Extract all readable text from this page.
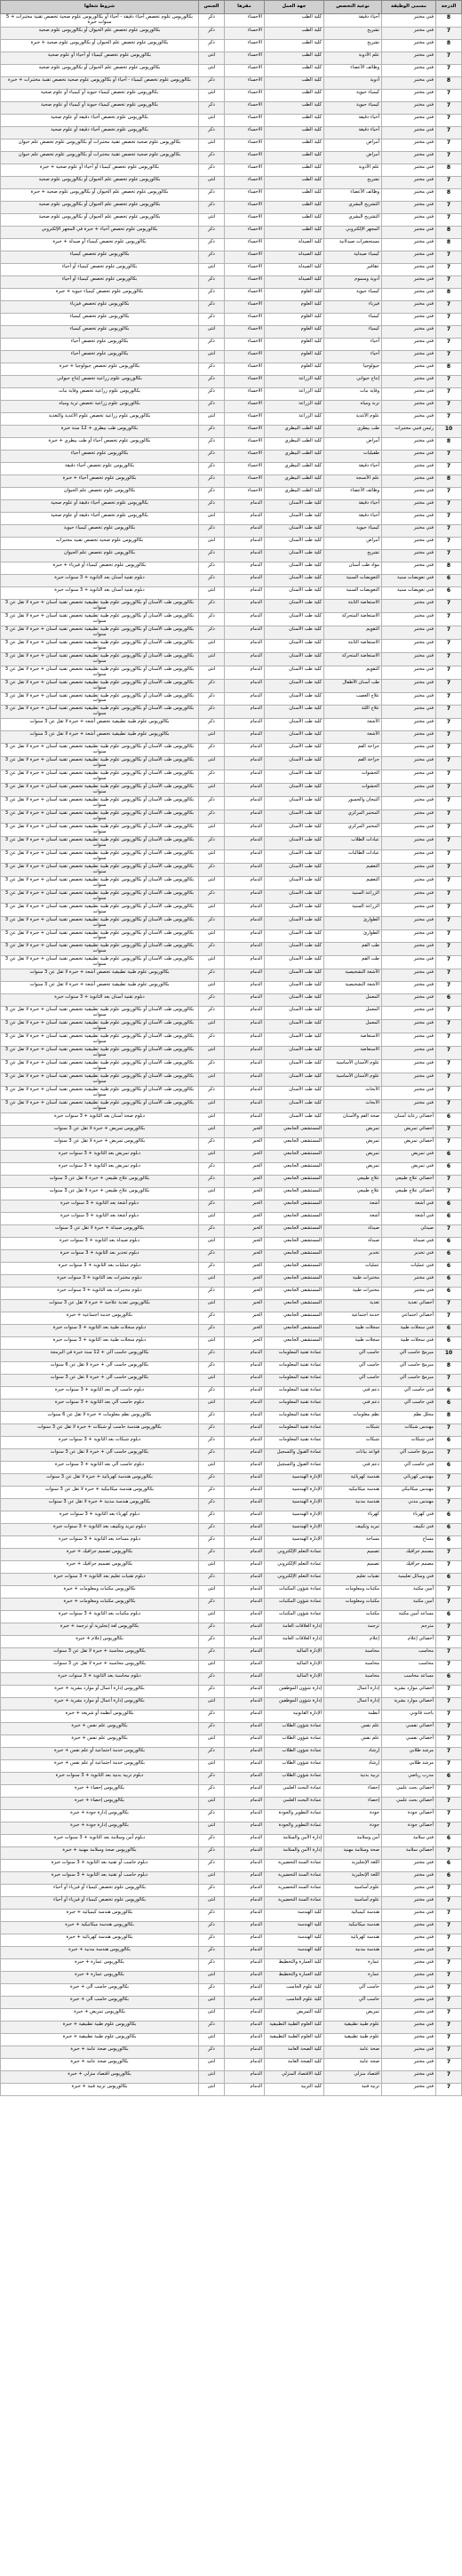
الدرجة	مسمى الوظيفة	نوعية التخصص	جهة العمل	مقرها	الجنس	شروط شغلها
8	فني مختبر	أحياء دقيقة	كلية الطب	الاحساء	ذكر	بكالوريوس علوم تخصص أحياء دقيقة - أحياء أو بكالوريوس علوم صحية تخصص تقنية مختبرات + 5 سنوات خبرة
7	فني مختبر	تشريح	كلية الطب	الاحساء	ذكر	بكالوريوس علوم تخصص علم الحيوان أو بكالوريوس علوم صحية
8	فني مختبر	تشريح	كلية الطب	الاحساء	ذكر	بكالوريوس علوم تخصص علم الحيوان أو بكالوريوس علوم صحية + خبرة
7	فني مختبر	علم الأدوية	كلية الطب	الاحساء	انثى	بكالوريوس علوم تخصص كيمياء أو أحياء أو علوم صحية
7	فني مختبر	وظائف الأعضاء	كلية الطب	الاحساء	انثى	بكالوريوس علوم تخصص علم الحيوان أو بكالوريوس علوم صحية
8	فني مختبر	أدوية	كلية الطب	الاحساء	ذكر	بكالوريوس علوم تخصص كيمياء - أحياء أو بكالوريوس علوم صحية تخصص تقنية مختبرات + خبرة
7	فني مختبر	كيمياء حيوية	كلية الطب	الاحساء	انثى	بكالوريوس علوم تخصص كيمياء حيوية أو كيمياء أو علوم صحية
7	فني مختبر	كيمياء حيوية	كلية الطب	الاحساء	ذكر	بكالوريوس علوم تخصص كيمياء حيوية أو كيمياء أو علوم صحية
7	فني مختبر	أحياء دقيقة	كلية الطب	الاحساء	انثى	بكالوريوس علوم تخصص أحياء دقيقة أو علوم صحية
7	فني مختبر	أحياء دقيقة	كلية الطب	الاحساء	ذكر	بكالوريوس علوم تخصص أحياء دقيقة أو علوم صحية
7	فني مختبر	أمراض	كلية الطب	الاحساء	انثى	بكالوريوس علوم صحية تخصص تقنية مختبرات أو بكالوريوس علوم تخصص علم حيوان
7	فني مختبر	أمراض	كلية الطب	الاحساء	ذكر	بكالوريوس علوم صحية تخصص تقنية مختبرات أو بكالوريوس علوم تخصص علم حيوان
8	فني مختبر	علم الأدوية	كلية الطب	الاحساء	ذكر	بكالوريوس علوم تخصص كيمياء أو أحياء أو علوم صحية + خبرة
7	فني مختبر	تشريح	كلية الطب	الاحساء	انثى	بكالوريوس علوم تخصص علم الحيوان أو بكالوريوس علوم صحية
8	فني مختبر	وظائف الأعضاء	كلية الطب	الاحساء	ذكر	بكالوريوس علوم تخصص علم الحيوان أو بكالوريوس علوم صحية + خبرة
7	فني مختبر	التشريح البشري	كلية الطب	الاحساء	ذكر	بكالوريوس علوم تخصص علم الحيوان أو بكالوريوس علوم صحية
7	فني مختبر	التشريح البشري	كلية الطب	الاحساء	انثى	بكالوريوس علوم تخصص علم الحيوان أو بكالوريوس علوم صحية
8	فني مختبر	المجهر الإلكتروني	كلية الطب	الاحساء	ذكر	بكالوريوس علوم تخصص أحياء + خبرة في المجهر الإلكتروني
8	فني مختبر	مستحضرات صيدلانية	كلية الصيدلة	الاحساء	ذكر	بكالوريوس علوم تخصص كيمياء أو صيدلة + خبرة
7	فني مختبر	كيمياء صيدلية	كلية الصيدلة	الاحساء	ذكر	بكالوريوس علوم تخصص كيمياء
7	فني مختبر	عقاقير	كلية الصيدلة	الاحساء	انثى	بكالوريوس علوم تخصص كيمياء أو أحياء
7	فني مختبر	أدوية وسموم	كلية الصيدلة	الاحساء	ذكر	بكالوريوس علوم تخصص كيمياء أو أحياء
8	فني مختبر	كيمياء حيوية	كلية العلوم	الاحساء	ذكر	بكالوريوس علوم تخصص كيمياء حيوية + خبرة
7	فني مختبر	فيزياء	كلية العلوم	الاحساء	ذكر	بكالوريوس علوم تخصص فيزياء
7	فني مختبر	كيمياء	كلية العلوم	الاحساء	ذكر	بكالوريوس علوم تخصص كيمياء
7	فني مختبر	كيمياء	كلية العلوم	الاحساء	انثى	بكالوريوس علوم تخصص كيمياء
7	فني مختبر	أحياء	كلية العلوم	الاحساء	ذكر	بكالوريوس علوم تخصص أحياء
7	فني مختبر	أحياء	كلية العلوم	الاحساء	انثى	بكالوريوس علوم تخصص أحياء
8	فني مختبر	جيولوجيا	كلية العلوم	الاحساء	ذكر	بكالوريوس علوم تخصص جيولوجيا + خبرة
7	فني مختبر	إنتاج حيواني	كلية الزراعة	الاحساء	ذكر	بكالوريوس علوم زراعية تخصص إنتاج حيواني
7	فني مختبر	وقاية نبات	كلية الزراعة	الاحساء	ذكر	بكالوريوس علوم زراعية تخصص وقاية نبات
7	فني مختبر	تربة ومياه	كلية الزراعة	الاحساء	ذكر	بكالوريوس علوم زراعية تخصص تربة ومياه
7	فني مختبر	علوم الأغذية	كلية الزراعة	الاحساء	انثى	بكالوريوس علوم زراعية تخصص علوم الأغذية والتغذية
10	رئيس فنيي مختبرات	طب بيطري	كلية الطب البيطري	الاحساء	ذكر	بكالوريوس طب بيطري + 12 سنة خبرة
8	فني مختبر	أمراض	كلية الطب البيطري	الاحساء	ذكر	بكالوريوس علوم تخصص أحياء أو طب بيطري + خبرة
7	فني مختبر	طفيليات	كلية الطب البيطري	الاحساء	ذكر	بكالوريوس علوم تخصص أحياء
7	فني مختبر	أحياء دقيقة	كلية الطب البيطري	الاحساء	ذكر	بكالوريوس علوم تخصص أحياء دقيقة
8	فني مختبر	علم الأنسجة	كلية الطب البيطري	الاحساء	ذكر	بكالوريوس علوم تخصص أحياء + خبرة
7	فني مختبر	وظائف الأعضاء	كلية الطب البيطري	الاحساء	ذكر	بكالوريوس علوم تخصص علم الحيوان
7	فني مختبر	أحياء دقيقة	كلية طب الأسنان	الدمام	ذكر	بكالوريوس علوم تخصص أحياء دقيقة أو علوم صحية
7	فني مختبر	أحياء دقيقة	كلية طب الأسنان	الدمام	انثى	بكالوريوس علوم تخصص أحياء دقيقة أو علوم صحية
7	فني مختبر	كيمياء حيوية	كلية طب الأسنان	الدمام	ذكر	بكالوريوس علوم تخصص كيمياء حيوية
7	فني مختبر	أمراض	كلية طب الأسنان	الدمام	انثى	بكالوريوس علوم صحية تخصص تقنية مختبرات
7	فني مختبر	تشريح	كلية طب الأسنان	الدمام	ذكر	بكالوريوس علوم تخصص علم الحيوان
8	فني مختبر	مواد طب أسنان	كلية طب الأسنان	الدمام	ذكر	بكالوريوس علوم تخصص كيمياء أو فيزياء + خبرة
6	فني تعويضات سنية	التعويضات السنية	كلية طب الأسنان	الدمام	ذكر	دبلوم تقنية أسنان بعد الثانوية + 3 سنوات خبرة
6	فني تعويضات سنية	التعويضات السنية	كلية طب الأسنان	الدمام	انثى	دبلوم تقنية أسنان بعد الثانوية + 3 سنوات خبرة
7	فني مختبر	الاستعاضة الثابتة	كلية طب الأسنان	الدمام	ذكر	بكالوريوس طب الأسنان أو بكالوريوس علوم طبية تطبيقية تخصص تقنية أسنان + خبرة لا تقل عن 3 سنوات
7	فني مختبر	الاستعاضة المتحركة	كلية طب الأسنان	الدمام	ذكر	بكالوريوس طب الأسنان أو بكالوريوس علوم طبية تطبيقية تخصص تقنية أسنان + خبرة لا تقل عن 3 سنوات
7	فني مختبر	التقويم	كلية طب الأسنان	الدمام	ذكر	بكالوريوس طب الأسنان أو بكالوريوس علوم طبية تطبيقية تخصص تقنية أسنان + خبرة لا تقل عن 3 سنوات
7	فني مختبر	الاستعاضة الثابتة	كلية طب الأسنان	الدمام	انثى	بكالوريوس طب الأسنان أو بكالوريوس علوم طبية تطبيقية تخصص تقنية أسنان + خبرة لا تقل عن 3 سنوات
7	فني مختبر	الاستعاضة المتحركة	كلية طب الأسنان	الدمام	انثى	بكالوريوس طب الأسنان أو بكالوريوس علوم طبية تطبيقية تخصص تقنية أسنان + خبرة لا تقل عن 3 سنوات
7	فني مختبر	التقويم	كلية طب الأسنان	الدمام	انثى	بكالوريوس طب الأسنان أو بكالوريوس علوم طبية تطبيقية تخصص تقنية أسنان + خبرة لا تقل عن 3 سنوات
7	فني مختبر	طب أسنان الأطفال	كلية طب الأسنان	الدمام	ذكر	بكالوريوس طب الأسنان أو بكالوريوس علوم طبية تطبيقية تخصص تقنية أسنان + خبرة لا تقل عن 3 سنوات
7	فني مختبر	علاج العصب	كلية طب الأسنان	الدمام	ذكر	بكالوريوس طب الأسنان أو بكالوريوس علوم طبية تطبيقية تخصص تقنية أسنان + خبرة لا تقل عن 3 سنوات
7	فني مختبر	علاج اللثة	كلية طب الأسنان	الدمام	ذكر	بكالوريوس طب الأسنان أو بكالوريوس علوم طبية تطبيقية تخصص تقنية أسنان + خبرة لا تقل عن 3 سنوات
7	فني مختبر	الأشعة	كلية طب الأسنان	الدمام	ذكر	بكالوريوس علوم طبية تطبيقية تخصص أشعة + خبرة لا تقل عن 3 سنوات
7	فني مختبر	الأشعة	كلية طب الأسنان	الدمام	انثى	بكالوريوس علوم طبية تطبيقية تخصص أشعة + خبرة لا تقل عن 3 سنوات
7	فني مختبر	جراحة الفم	كلية طب الأسنان	الدمام	ذكر	بكالوريوس طب الأسنان أو بكالوريوس علوم طبية تطبيقية تخصص تقنية أسنان + خبرة لا تقل عن 3 سنوات
7	فني مختبر	جراحة الفم	كلية طب الأسنان	الدمام	انثى	بكالوريوس طب الأسنان أو بكالوريوس علوم طبية تطبيقية تخصص تقنية أسنان + خبرة لا تقل عن 3 سنوات
7	فني مختبر	الحشوات	كلية طب الأسنان	الدمام	ذكر	بكالوريوس طب الأسنان أو بكالوريوس علوم طبية تطبيقية تخصص تقنية أسنان + خبرة لا تقل عن 3 سنوات
7	فني مختبر	الحشوات	كلية طب الأسنان	الدمام	انثى	بكالوريوس طب الأسنان أو بكالوريوس علوم طبية تطبيقية تخصص تقنية أسنان + خبرة لا تقل عن 3 سنوات
7	فني مختبر	التيجان والجسور	كلية طب الأسنان	الدمام	ذكر	بكالوريوس طب الأسنان أو بكالوريوس علوم طبية تطبيقية تخصص تقنية أسنان + خبرة لا تقل عن 3 سنوات
7	فني مختبر	المختبر المركزي	كلية طب الأسنان	الدمام	ذكر	بكالوريوس طب الأسنان أو بكالوريوس علوم طبية تطبيقية تخصص تقنية أسنان + خبرة لا تقل عن 3 سنوات
7	فني مختبر	المختبر المركزي	كلية طب الأسنان	الدمام	انثى	بكالوريوس طب الأسنان أو بكالوريوس علوم طبية تطبيقية تخصص تقنية أسنان + خبرة لا تقل عن 3 سنوات
7	فني مختبر	عيادات الطلاب	كلية طب الأسنان	الدمام	ذكر	بكالوريوس طب الأسنان أو بكالوريوس علوم طبية تطبيقية تخصص تقنية أسنان + خبرة لا تقل عن 3 سنوات
7	فني مختبر	عيادات الطالبات	كلية طب الأسنان	الدمام	انثى	بكالوريوس طب الأسنان أو بكالوريوس علوم طبية تطبيقية تخصص تقنية أسنان + خبرة لا تقل عن 3 سنوات
7	فني مختبر	التعقيم	كلية طب الأسنان	الدمام	ذكر	بكالوريوس طب الأسنان أو بكالوريوس علوم طبية تطبيقية تخصص تقنية أسنان + خبرة لا تقل عن 3 سنوات
7	فني مختبر	التعقيم	كلية طب الأسنان	الدمام	انثى	بكالوريوس طب الأسنان أو بكالوريوس علوم طبية تطبيقية تخصص تقنية أسنان + خبرة لا تقل عن 3 سنوات
7	فني مختبر	الزراعة السنية	كلية طب الأسنان	الدمام	ذكر	بكالوريوس طب الأسنان أو بكالوريوس علوم طبية تطبيقية تخصص تقنية أسنان + خبرة لا تقل عن 3 سنوات
7	فني مختبر	الزراعة السنية	كلية طب الأسنان	الدمام	انثى	بكالوريوس طب الأسنان أو بكالوريوس علوم طبية تطبيقية تخصص تقنية أسنان + خبرة لا تقل عن 3 سنوات
7	فني مختبر	الطوارئ	كلية طب الأسنان	الدمام	ذكر	بكالوريوس طب الأسنان أو بكالوريوس علوم طبية تطبيقية تخصص تقنية أسنان + خبرة لا تقل عن 3 سنوات
7	فني مختبر	الطوارئ	كلية طب الأسنان	الدمام	انثى	بكالوريوس طب الأسنان أو بكالوريوس علوم طبية تطبيقية تخصص تقنية أسنان + خبرة لا تقل عن 3 سنوات
7	فني مختبر	طب الفم	كلية طب الأسنان	الدمام	ذكر	بكالوريوس طب الأسنان أو بكالوريوس علوم طبية تطبيقية تخصص تقنية أسنان + خبرة لا تقل عن 3 سنوات
7	فني مختبر	طب الفم	كلية طب الأسنان	الدمام	انثى	بكالوريوس طب الأسنان أو بكالوريوس علوم طبية تطبيقية تخصص تقنية أسنان + خبرة لا تقل عن 3 سنوات
7	فني مختبر	الأشعة التشخيصية	كلية طب الأسنان	الدمام	ذكر	بكالوريوس علوم طبية تطبيقية تخصص أشعة + خبرة لا تقل عن 3 سنوات
7	فني مختبر	الأشعة التشخيصية	كلية طب الأسنان	الدمام	انثى	بكالوريوس علوم طبية تطبيقية تخصص أشعة + خبرة لا تقل عن 3 سنوات
6	فني مختبر	المعمل	كلية طب الأسنان	الدمام	ذكر	دبلوم تقنية أسنان بعد الثانوية + 3 سنوات خبرة
7	فني مختبر	المعمل	كلية طب الأسنان	الدمام	ذكر	بكالوريوس طب الأسنان أو بكالوريوس علوم طبية تطبيقية تخصص تقنية أسنان + خبرة لا تقل عن 3 سنوات
7	فني مختبر	المعمل	كلية طب الأسنان	الدمام	انثى	بكالوريوس طب الأسنان أو بكالوريوس علوم طبية تطبيقية تخصص تقنية أسنان + خبرة لا تقل عن 3 سنوات
7	فني مختبر	الاستعاضة	كلية طب الأسنان	الدمام	ذكر	بكالوريوس طب الأسنان أو بكالوريوس علوم طبية تطبيقية تخصص تقنية أسنان + خبرة لا تقل عن 3 سنوات
7	فني مختبر	الاستعاضة	كلية طب الأسنان	الدمام	انثى	بكالوريوس طب الأسنان أو بكالوريوس علوم طبية تطبيقية تخصص تقنية أسنان + خبرة لا تقل عن 3 سنوات
7	فني مختبر	علوم الأسنان الأساسية	كلية طب الأسنان	الدمام	ذكر	بكالوريوس طب الأسنان أو بكالوريوس علوم طبية تطبيقية تخصص تقنية أسنان + خبرة لا تقل عن 3 سنوات
7	فني مختبر	علوم الأسنان الأساسية	كلية طب الأسنان	الدمام	انثى	بكالوريوس طب الأسنان أو بكالوريوس علوم طبية تطبيقية تخصص تقنية أسنان + خبرة لا تقل عن 3 سنوات
7	فني مختبر	الأبحاث	كلية طب الأسنان	الدمام	ذكر	بكالوريوس طب الأسنان أو بكالوريوس علوم طبية تطبيقية تخصص تقنية أسنان + خبرة لا تقل عن 3 سنوات
7	فني مختبر	الأبحاث	كلية طب الأسنان	الدمام	انثى	بكالوريوس طب الأسنان أو بكالوريوس علوم طبية تطبيقية تخصص تقنية أسنان + خبرة لا تقل عن 3 سنوات
6	أخصائي رعاية أسنان	صحة الفم والأسنان	كلية طب الأسنان	الدمام	انثى	دبلوم صحة أسنان بعد الثانوية + 3 سنوات خبرة
7	أخصائي تمريض	تمريض	المستشفى الجامعي	الخبر	انثى	بكالوريوس تمريض + خبرة لا تقل عن 3 سنوات
7	أخصائي تمريض	تمريض	المستشفى الجامعي	الخبر	ذكر	بكالوريوس تمريض + خبرة لا تقل عن 3 سنوات
6	فني تمريض	تمريض	المستشفى الجامعي	الخبر	انثى	دبلوم تمريض بعد الثانوية + 3 سنوات خبرة
6	فني تمريض	تمريض	المستشفى الجامعي	الخبر	ذكر	دبلوم تمريض بعد الثانوية + 3 سنوات خبرة
7	أخصائي علاج طبيعي	علاج طبيعي	المستشفى الجامعي	الخبر	ذكر	بكالوريوس علاج طبيعي + خبرة لا تقل عن 3 سنوات
7	أخصائي علاج طبيعي	علاج طبيعي	المستشفى الجامعي	الخبر	انثى	بكالوريوس علاج طبيعي + خبرة لا تقل عن 3 سنوات
6	فني أشعة	أشعة	المستشفى الجامعي	الخبر	ذكر	دبلوم أشعة بعد الثانوية + 3 سنوات خبرة
6	فني أشعة	أشعة	المستشفى الجامعي	الخبر	انثى	دبلوم أشعة بعد الثانوية + 3 سنوات خبرة
7	صيدلي	صيدلة	المستشفى الجامعي	الخبر	ذكر	بكالوريوس صيدلة + خبرة لا تقل عن 3 سنوات
6	فني صيدلة	صيدلة	المستشفى الجامعي	الخبر	انثى	دبلوم صيدلة بعد الثانوية + 3 سنوات خبرة
6	فني تخدير	تخدير	المستشفى الجامعي	الخبر	ذكر	دبلوم تخدير بعد الثانوية + 3 سنوات خبرة
6	فني عمليات	عمليات	المستشفى الجامعي	الخبر	ذكر	دبلوم عمليات بعد الثانوية + 3 سنوات خبرة
6	فني مختبر	مختبرات طبية	المستشفى الجامعي	الخبر	انثى	دبلوم مختبرات بعد الثانوية + 3 سنوات خبرة
6	فني مختبر	مختبرات طبية	المستشفى الجامعي	الخبر	ذكر	دبلوم مختبرات بعد الثانوية + 3 سنوات خبرة
7	أخصائي تغذية	تغذية	المستشفى الجامعي	الخبر	انثى	بكالوريوس تغذية علاجية + خبرة لا تقل عن 3 سنوات
7	أخصائي اجتماعي	خدمة اجتماعية	المستشفى الجامعي	الخبر	ذكر	بكالوريوس خدمة اجتماعية + خبرة
6	فني سجلات طبية	سجلات طبية	المستشفى الجامعي	الخبر	ذكر	دبلوم سجلات طبية بعد الثانوية + 3 سنوات خبرة
6	فني سجلات طبية	سجلات طبية	المستشفى الجامعي	الخبر	انثى	دبلوم سجلات طبية بعد الثانوية + 3 سنوات خبرة
10	مبرمج حاسب آلي	حاسب آلي	عمادة تقنية المعلومات	الدمام	ذكر	بكالوريوس حاسب آلي + 12 سنة خبرة في البرمجة
8	مبرمج حاسب آلي	حاسب آلي	عمادة تقنية المعلومات	الدمام	ذكر	بكالوريوس حاسب آلي + خبرة لا تقل عن 6 سنوات
7	مبرمج حاسب آلي	حاسب آلي	عمادة تقنية المعلومات	الدمام	انثى	بكالوريوس حاسب آلي + خبرة لا تقل عن 3 سنوات
6	فني حاسب آلي	دعم فني	عمادة تقنية المعلومات	الدمام	ذكر	دبلوم حاسب آلي بعد الثانوية + 3 سنوات خبرة
6	فني حاسب آلي	دعم فني	عمادة تقنية المعلومات	الدمام	انثى	دبلوم حاسب آلي بعد الثانوية + 3 سنوات خبرة
8	محلل نظم	نظم معلومات	عمادة تقنية المعلومات	الدمام	ذكر	بكالوريوس نظم معلومات + خبرة لا تقل عن 6 سنوات
7	مهندس شبكات	شبكات	عمادة تقنية المعلومات	الدمام	ذكر	بكالوريوس هندسة حاسب أو شبكات + خبرة لا تقل عن 3 سنوات
6	فني شبكات	شبكات	عمادة تقنية المعلومات	الدمام	ذكر	دبلوم شبكات بعد الثانوية + 3 سنوات خبرة
7	مبرمج حاسب آلي	قواعد بيانات	عمادة القبول والتسجيل	الدمام	ذكر	بكالوريوس حاسب آلي + خبرة لا تقل عن 3 سنوات
6	فني حاسب آلي	دعم فني	عمادة القبول والتسجيل	الدمام	انثى	دبلوم حاسب آلي بعد الثانوية + 3 سنوات خبرة
7	مهندس كهربائي	هندسة كهربائية	الإدارة الهندسية	الدمام	ذكر	بكالوريوس هندسة كهربائية + خبرة لا تقل عن 3 سنوات
7	مهندس ميكانيكي	هندسة ميكانيكية	الإدارة الهندسية	الدمام	ذكر	بكالوريوس هندسة ميكانيكية + خبرة لا تقل عن 3 سنوات
7	مهندس مدني	هندسة مدنية	الإدارة الهندسية	الدمام	ذكر	بكالوريوس هندسة مدنية + خبرة لا تقل عن 3 سنوات
6	فني كهرباء	كهرباء	الإدارة الهندسية	الدمام	ذكر	دبلوم كهرباء بعد الثانوية + 3 سنوات خبرة
6	فني تكييف	تبريد وتكييف	الإدارة الهندسية	الدمام	ذكر	دبلوم تبريد وتكييف بعد الثانوية + 3 سنوات خبرة
6	مساح	مساحة	الإدارة الهندسية	الدمام	ذكر	دبلوم مساحة بعد الثانوية + 3 سنوات خبرة
7	مصمم جرافيك	تصميم	عمادة التعلم الإلكتروني	الدمام	ذكر	بكالوريوس تصميم جرافيك + خبرة
7	مصمم جرافيك	تصميم	عمادة التعلم الإلكتروني	الدمام	انثى	بكالوريوس تصميم جرافيك + خبرة
6	فني وسائل تعليمية	تقنيات تعليم	عمادة التعلم الإلكتروني	الدمام	ذكر	دبلوم تقنيات تعليم بعد الثانوية + 3 سنوات خبرة
7	أمين مكتبة	مكتبات ومعلومات	عمادة شؤون المكتبات	الدمام	انثى	بكالوريوس مكتبات ومعلومات + خبرة
7	أمين مكتبة	مكتبات ومعلومات	عمادة شؤون المكتبات	الدمام	ذكر	بكالوريوس مكتبات ومعلومات + خبرة
6	مساعد أمين مكتبة	مكتبات	عمادة شؤون المكتبات	الدمام	انثى	دبلوم مكتبات بعد الثانوية + 3 سنوات خبرة
7	مترجم	ترجمة	إدارة العلاقات العامة	الدمام	ذكر	بكالوريوس لغة إنجليزية أو ترجمة + خبرة
7	أخصائي إعلام	إعلام	إدارة العلاقات العامة	الدمام	ذكر	بكالوريوس إعلام + خبرة
7	محاسب	محاسبة	الإدارة المالية	الدمام	ذكر	بكالوريوس محاسبة + خبرة لا تقل عن 3 سنوات
7	محاسب	محاسبة	الإدارة المالية	الدمام	انثى	بكالوريوس محاسبة + خبرة لا تقل عن 3 سنوات
6	مساعد محاسب	محاسبة	الإدارة المالية	الدمام	ذكر	دبلوم محاسبة بعد الثانوية + 3 سنوات خبرة
7	أخصائي موارد بشرية	إدارة أعمال	إدارة شؤون الموظفين	الدمام	ذكر	بكالوريوس إدارة أعمال أو موارد بشرية + خبرة
7	أخصائي موارد بشرية	إدارة أعمال	إدارة شؤون الموظفين	الدمام	انثى	بكالوريوس إدارة أعمال أو موارد بشرية + خبرة
7	باحث قانوني	أنظمة	الإدارة القانونية	الدمام	ذكر	بكالوريوس أنظمة أو شريعة + خبرة
7	أخصائي نفسي	علم نفس	عمادة شؤون الطلاب	الدمام	ذكر	بكالوريوس علم نفس + خبرة
7	أخصائي نفسي	علم نفس	عمادة شؤون الطلاب	الدمام	انثى	بكالوريوس علم نفس + خبرة
7	مرشد طلابي	إرشاد	عمادة شؤون الطلاب	الدمام	ذكر	بكالوريوس خدمة اجتماعية أو علم نفس + خبرة
7	مرشد طلابي	إرشاد	عمادة شؤون الطلاب	الدمام	انثى	بكالوريوس خدمة اجتماعية أو علم نفس + خبرة
6	مدرب رياضي	تربية بدنية	عمادة شؤون الطلاب	الدمام	ذكر	دبلوم تربية بدنية بعد الثانوية + 3 سنوات خبرة
7	أخصائي بحث علمي	إحصاء	عمادة البحث العلمي	الدمام	ذكر	بكالوريوس إحصاء + خبرة
7	أخصائي بحث علمي	إحصاء	عمادة البحث العلمي	الدمام	انثى	بكالوريوس إحصاء + خبرة
7	أخصائي جودة	جودة	عمادة التطوير والجودة	الدمام	ذكر	بكالوريوس إدارة جودة + خبرة
7	أخصائي جودة	جودة	عمادة التطوير والجودة	الدمام	انثى	بكالوريوس إدارة جودة + خبرة
6	فني سلامة	أمن وسلامة	إدارة الأمن والسلامة	الدمام	ذكر	دبلوم أمن وسلامة بعد الثانوية + 3 سنوات خبرة
7	أخصائي سلامة	صحة وسلامة مهنية	إدارة الأمن والسلامة	الدمام	ذكر	بكالوريوس صحة وسلامة مهنية + خبرة
6	فني مختبر	اللغة الإنجليزية	عمادة السنة التحضيرية	الدمام	ذكر	دبلوم حاسب أو تقنية بعد الثانوية + 3 سنوات خبرة
6	فني مختبر	اللغة الإنجليزية	عمادة السنة التحضيرية	الدمام	انثى	دبلوم حاسب أو تقنية بعد الثانوية + 3 سنوات خبرة
7	فني مختبر	علوم أساسية	عمادة السنة التحضيرية	الدمام	ذكر	بكالوريوس علوم تخصص كيمياء أو فيزياء أو أحياء
7	فني مختبر	علوم أساسية	عمادة السنة التحضيرية	الدمام	انثى	بكالوريوس علوم تخصص كيمياء أو فيزياء أو أحياء
7	فني مختبر	هندسة كيميائية	كلية الهندسة	الدمام	ذكر	بكالوريوس هندسة كيميائية + خبرة
7	فني مختبر	هندسة ميكانيكية	كلية الهندسة	الدمام	ذكر	بكالوريوس هندسة ميكانيكية + خبرة
7	فني مختبر	هندسة كهربائية	كلية الهندسة	الدمام	ذكر	بكالوريوس هندسة كهربائية + خبرة
7	فني مختبر	هندسة مدنية	كلية الهندسة	الدمام	ذكر	بكالوريوس هندسة مدنية + خبرة
7	فني مختبر	عمارة	كلية العمارة والتخطيط	الدمام	ذكر	بكالوريوس عمارة + خبرة
7	فني مختبر	عمارة	كلية العمارة والتخطيط	الدمام	انثى	بكالوريوس عمارة + خبرة
7	فني مختبر	حاسب آلي	كلية علوم الحاسب	الدمام	ذكر	بكالوريوس حاسب آلي + خبرة
7	فني مختبر	حاسب آلي	كلية علوم الحاسب	الدمام	انثى	بكالوريوس حاسب آلي + خبرة
7	فني مختبر	تمريض	كلية التمريض	الدمام	انثى	بكالوريوس تمريض + خبرة
7	فني مختبر	علوم طبية تطبيقية	كلية العلوم الطبية التطبيقية	الدمام	ذكر	بكالوريوس علوم طبية تطبيقية + خبرة
7	فني مختبر	علوم طبية تطبيقية	كلية العلوم الطبية التطبيقية	الدمام	انثى	بكالوريوس علوم طبية تطبيقية + خبرة
7	فني مختبر	صحة عامة	كلية الصحة العامة	الدمام	ذكر	بكالوريوس صحة عامة + خبرة
7	فني مختبر	صحة عامة	كلية الصحة العامة	الدمام	انثى	بكالوريوس صحة عامة + خبرة
7	فني مختبر	اقتصاد منزلي	كلية الاقتصاد المنزلي	الدمام	انثى	بكالوريوس اقتصاد منزلي + خبرة
7	فني مختبر	تربية فنية	كلية التربية	الدمام	انثى	بكالوريوس تربية فنية + خبرة
